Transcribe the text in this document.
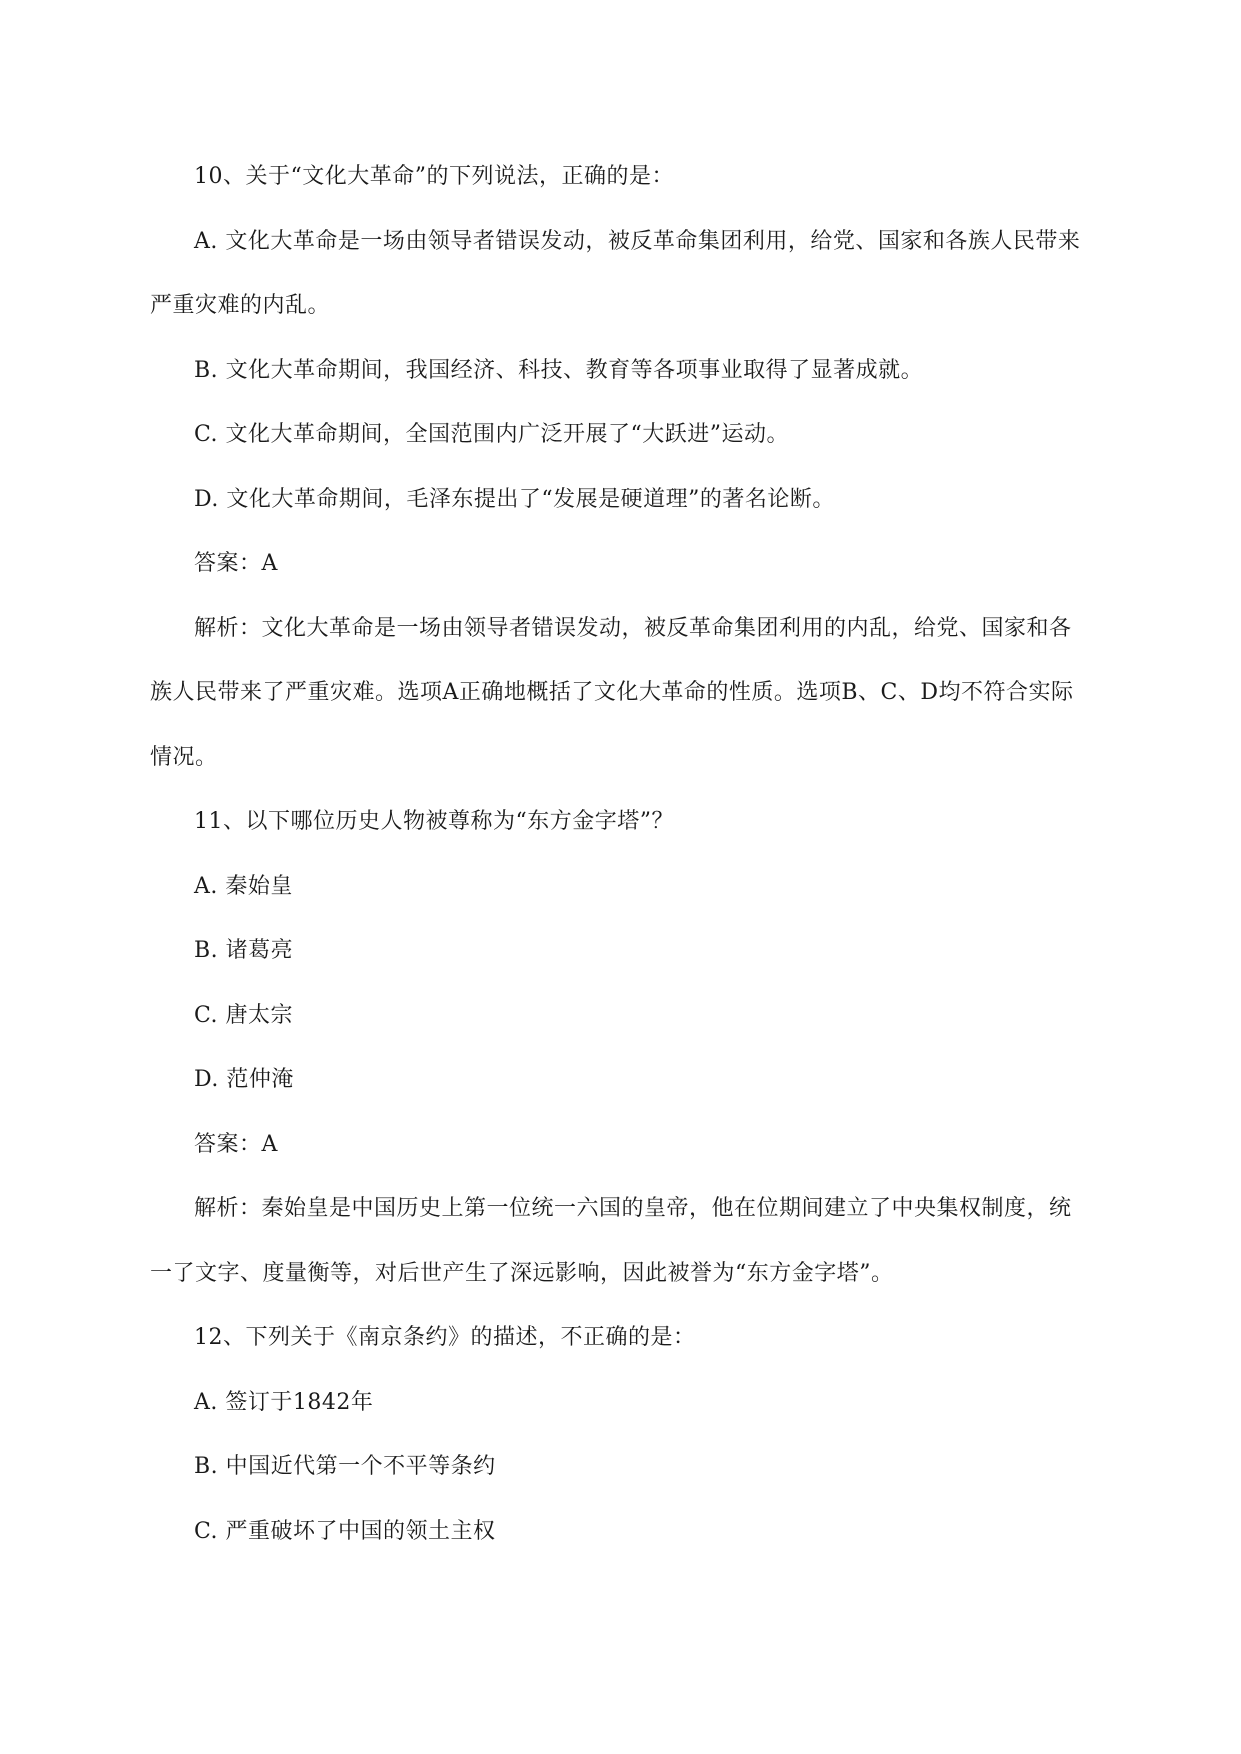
10、关于“文化大革命”的下列说法，正确的是：

A. 文化大革命是一场由领导者错误发动，被反革命集团利用，给党、国家和各族人民带来严重灾难的内乱。

B. 文化大革命期间，我国经济、科技、教育等各项事业取得了显著成就。

C. 文化大革命期间，全国范围内广泛开展了“大跃进”运动。

D. 文化大革命期间，毛泽东提出了“发展是硬道理”的著名论断。

答案：A

解析：文化大革命是一场由领导者错误发动，被反革命集团利用的内乱，给党、国家和各族人民带来了严重灾难。选项A正确地概括了文化大革命的性质。选项B、C、D均不符合实际情况。

11、以下哪位历史人物被尊称为“东方金字塔”？

A. 秦始皇

B. 诸葛亮

C. 唐太宗

D. 范仲淹

答案：A

解析：秦始皇是中国历史上第一位统一六国的皇帝，他在位期间建立了中央集权制度，统一了文字、度量衡等，对后世产生了深远影响，因此被誉为“东方金字塔”。

12、下列关于《南京条约》的描述，不正确的是：

A. 签订于1842年

B. 中国近代第一个不平等条约

C. 严重破坏了中国的领土主权
